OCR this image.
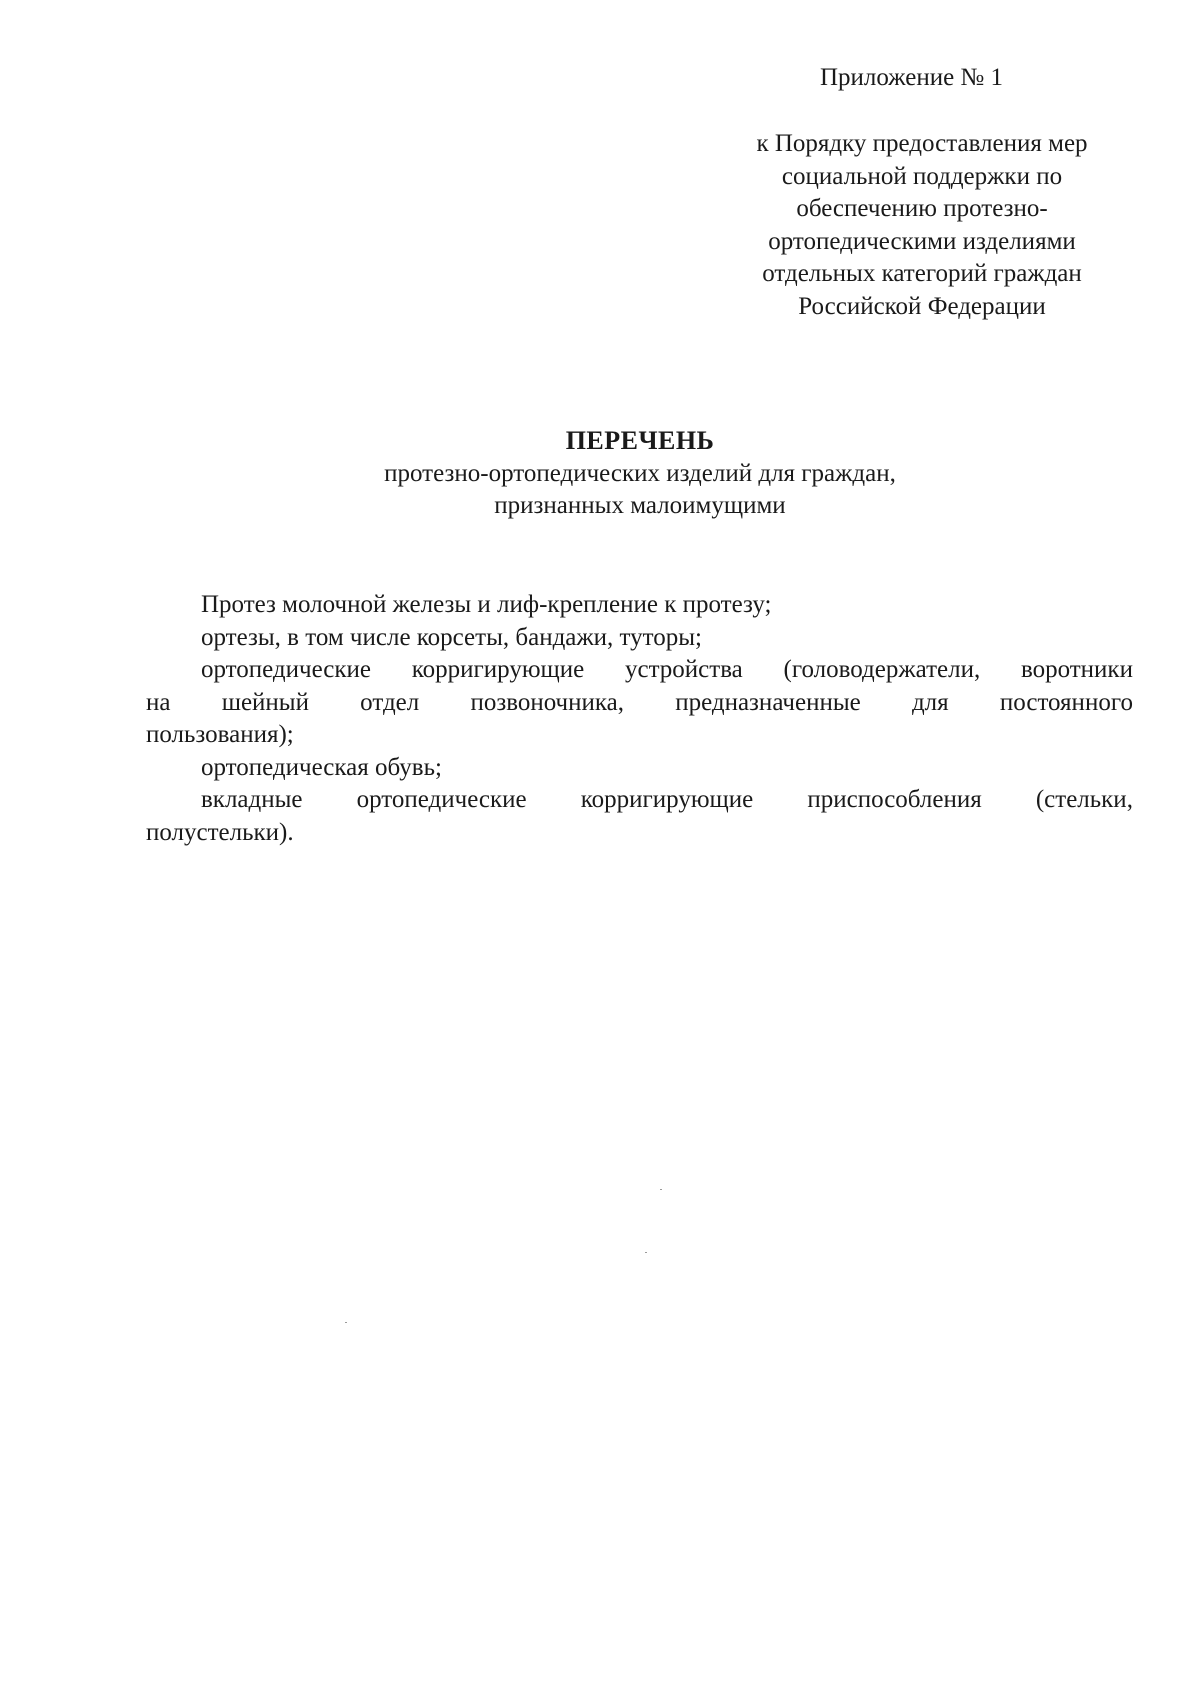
Приложение № 1
к Порядку предоставления мер
социальной поддержки по
обеспечению протезно-
ортопедическими изделиями
отдельных категорий граждан
Российской Федерации
ПЕРЕЧЕНЬ
протезно-ортопедических изделий для граждан,
признанных малоимущими
Протез молочной железы и лиф-крепление к протезу;
ортезы, в том числе корсеты, бандажи, туторы;
ортопедические корригирующие устройства (головодержатели, воротники
на шейный отдел позвоночника, предназначенные для постоянного
пользования);
ортопедическая обувь;
вкладные ортопедические корригирующие приспособления (стельки,
полустельки).
